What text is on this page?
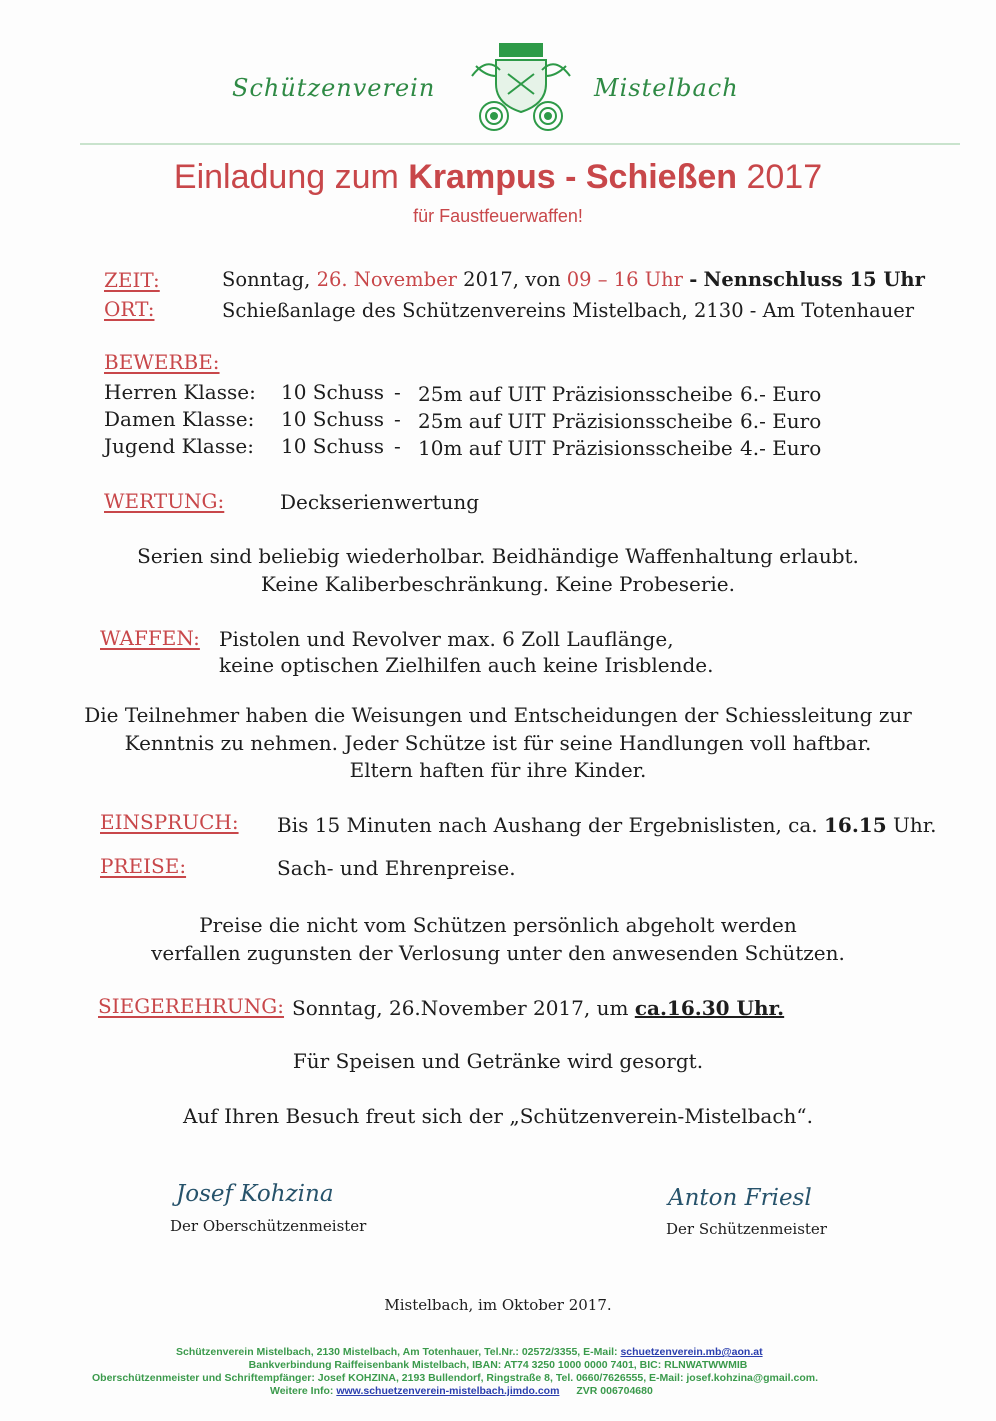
Schützenverein	Mistelbach
Einladung zum Krampus - Schießen 2017
für Faustfeuerwaffen!
ZEIT:	Sonntag, 26. November 2017, von 09 – 16 Uhr - Nennschluss 15 Uhr
ORT:	Schießanlage des Schützenvereins Mistelbach, 2130 - Am Totenhauer
BEWERBE:
Herren Klasse: 10 Schuss - 25m auf UIT Präzisionsscheibe 6.- Euro
Damen Klasse: 10 Schuss - 25m auf UIT Präzisionsscheibe 6.- Euro
Jugend Klasse: 10 Schuss - 10m auf UIT Präzisionsscheibe 4.- Euro
WERTUNG:	Deckserienwertung
Serien sind beliebig wiederholbar. Beidhändige Waffenhaltung erlaubt.
Keine Kaliberbeschränkung. Keine Probeserie.
WAFFEN: Pistolen und Revolver max. 6 Zoll Lauflänge,
keine optischen Zielhilfen auch keine Irisblende.
Die Teilnehmer haben die Weisungen und Entscheidungen der Schiessleitung zur
Kenntnis zu nehmen. Jeder Schütze ist für seine Handlungen voll haftbar.
Eltern haften für ihre Kinder.
EINSPRUCH: Bis 15 Minuten nach Aushang der Ergebnislisten, ca. 16.15 Uhr.
PREISE:	Sach- und Ehrenpreise.
Preise die nicht vom Schützen persönlich abgeholt werden
verfallen zugunsten der Verlosung unter den anwesenden Schützen.
SIEGEREHRUNG: Sonntag, 26.November 2017, um ca.16.30 Uhr.
Für Speisen und Getränke wird gesorgt.
Auf Ihren Besuch freut sich der „Schützenverein-Mistelbach“.
Josef Kohzina
Der Oberschützenmeister
Anton Friesl
Der Schützenmeister
Mistelbach, im Oktober 2017.
Schützenverein Mistelbach, 2130 Mistelbach, Am Totenhauer, Tel.Nr.: 02572/3355, E-Mail: schuetzenverein.mb@aon.at
Bankverbindung Raiffeisenbank Mistelbach, IBAN: AT74 3250 1000 0000 7401, BIC: RLNWATWWMIB
Oberschützenmeister und Schriftempfänger: Josef KOHZINA, 2193 Bullendorf, Ringstraße 8, Tel. 0660/7626555, E-Mail: josef.kohzina@gmail.com.
Weitere Info: www.schuetzenverein-mistelbach.jimdo.com ZVR 006704680
